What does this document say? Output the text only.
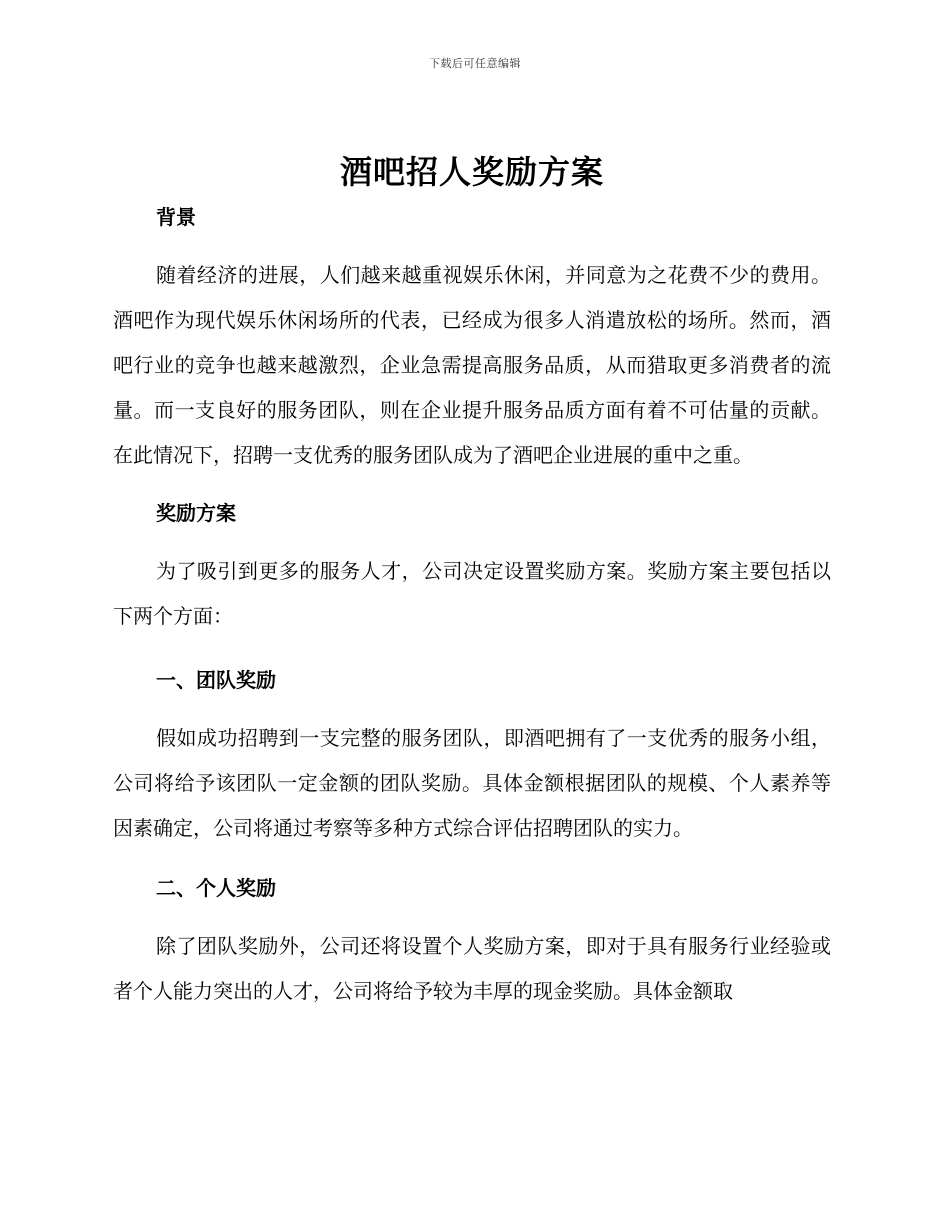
下载后可任意编辑
酒吧招人奖励方案
背景

随着经济的进展，人们越来越重视娱乐休闲，并同意为之花费不少的费用。酒吧作为现代娱乐休闲场所的代表，已经成为很多人消遣放松的场所。然而，酒吧行业的竞争也越来越激烈，企业急需提高服务品质，从而猎取更多消费者的流量。而一支良好的服务团队，则在企业提升服务品质方面有着不可估量的贡献。在此情况下，招聘一支优秀的服务团队成为了酒吧企业进展的重中之重。

奖励方案

为了吸引到更多的服务人才，公司决定设置奖励方案。奖励方案主要包括以下两个方面：

一、团队奖励

假如成功招聘到一支完整的服务团队，即酒吧拥有了一支优秀的服务小组，公司将给予该团队一定金额的团队奖励。具体金额根据团队的规模、个人素养等因素确定，公司将通过考察等多种方式综合评估招聘团队的实力。

二、个人奖励

除了团队奖励外，公司还将设置个人奖励方案，即对于具有服务行业经验或者个人能力突出的人才，公司将给予较为丰厚的现金奖励。具体金额取
